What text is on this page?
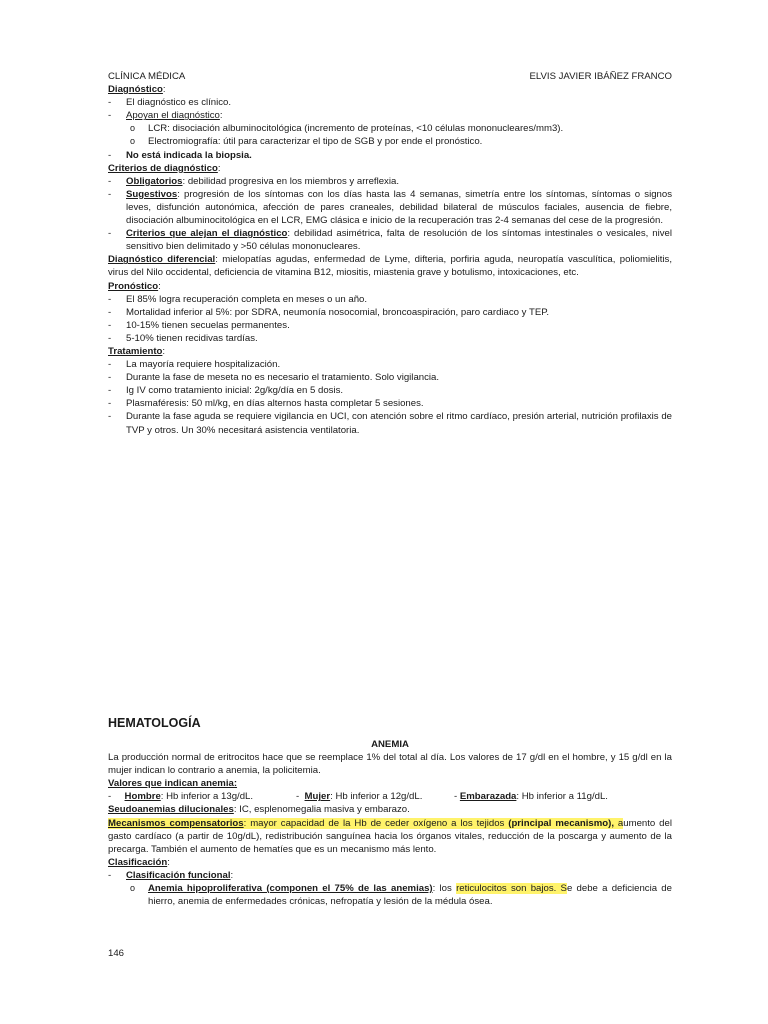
CLÍNICA MÉDICA	ELVIS JAVIER IBÁÑEZ FRANCO
Diagnóstico:
-	El diagnóstico es clínico.
-	Apoyan el diagnóstico:
o	LCR: disociación albuminocitológica (incremento de proteínas, <10 células mononucleares/mm3).
o	Electromiografía: útil para caracterizar el tipo de SGB y por ende el pronóstico.
-	No está indicada la biopsia.
Criterios de diagnóstico:
-	Obligatorios: debilidad progresiva en los miembros y arreflexia.
-	Sugestivos: progresión de los síntomas con los días hasta las 4 semanas, simetría entre los síntomas, síntomas o signos leves, disfunción autonómica, afección de pares craneales, debilidad bilateral de músculos faciales, ausencia de fiebre, disociación albuminocitológica en el LCR, EMG clásica e inicio de la recuperación tras 2-4 semanas del cese de la progresión.
-	Criterios que alejan el diagnóstico: debilidad asimétrica, falta de resolución de los síntomas intestinales o vesicales, nivel sensitivo bien delimitado y >50 células mononucleares.
Diagnóstico diferencial: mielopatías agudas, enfermedad de Lyme, difteria, porfiria aguda, neuropatía vasculítica, poliomielitis, virus del Nilo occidental, deficiencia de vitamina B12, miositis, miastenia grave y botulismo, intoxicaciones, etc.
Pronóstico:
-	El 85% logra recuperación completa en meses o un año.
-	Mortalidad inferior al 5%: por SDRA, neumonía nosocomial, broncoaspiración, paro cardiaco y TEP.
-	10-15% tienen secuelas permanentes.
-	5-10% tienen recidivas tardías.
Tratamiento:
-	La mayoría requiere hospitalización.
-	Durante la fase de meseta no es necesario el tratamiento. Solo vigilancia.
-	Ig IV como tratamiento inicial: 2g/kg/día en 5 dosis.
-	Plasmaféresis: 50 ml/kg, en días alternos hasta completar 5 sesiones.
-	Durante la fase aguda se requiere vigilancia en UCI, con atención sobre el ritmo cardíaco, presión arterial, nutrición profilaxis de TVP y otros. Un 30% necesitará asistencia ventilatoria.
HEMATOLOGÍA
ANEMIA
La producción normal de eritrocitos hace que se reemplace 1% del total al día. Los valores de 17 g/dl en el hombre, y 15 g/dl en la mujer indican lo contrario a anemia, la policitemia.
Valores que indican anemia:
-     Hombre: Hb inferior a 13g/dL.	-  Mujer: Hb inferior a 12g/dL.	- Embarazada: Hb inferior a 11g/dL.
Seudoanemias dilucionales: IC, esplenomegalia masiva y embarazo.
Mecanismos compensatorios: mayor capacidad de la Hb de ceder oxígeno a los tejidos (principal mecanismo), aumento del gasto cardíaco (a partir de 10g/dL), redistribución sanguínea hacia los órganos vitales, reducción de la poscarga y aumento de la precarga. También el aumento de hematíes que es un mecanismo más lento.
Clasificación:
-	Clasificación funcional:
o	Anemia hipoproliferativa (componen el 75% de las anemias): los reticulocitos son bajos. Se debe a deficiencia de hierro, anemia de enfermedades crónicas, nefropatía y lesión de la médula ósea.
146
